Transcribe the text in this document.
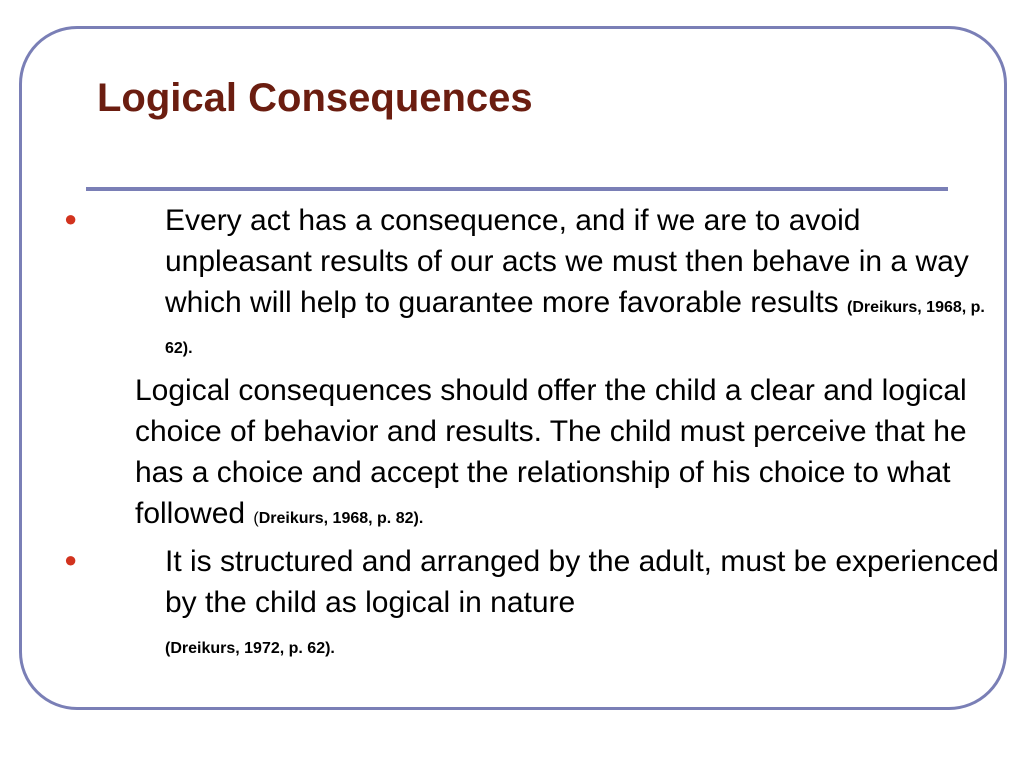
Logical Consequences

●	Every act has a consequence, and if we are to avoid unpleasant results of our acts we must then behave in a way which will help to guarantee more favorable results (Dreikurs, 1968, p. 62).

Logical consequences should offer the child a clear and logical choice of behavior and results. The child must perceive that he has a choice and accept the relationship of his choice to what followed (Dreikurs, 1968, p. 82).

●	It is structured and arranged by the adult, must be experienced by the child as logical in nature
(Dreikurs, 1972, p. 62).
